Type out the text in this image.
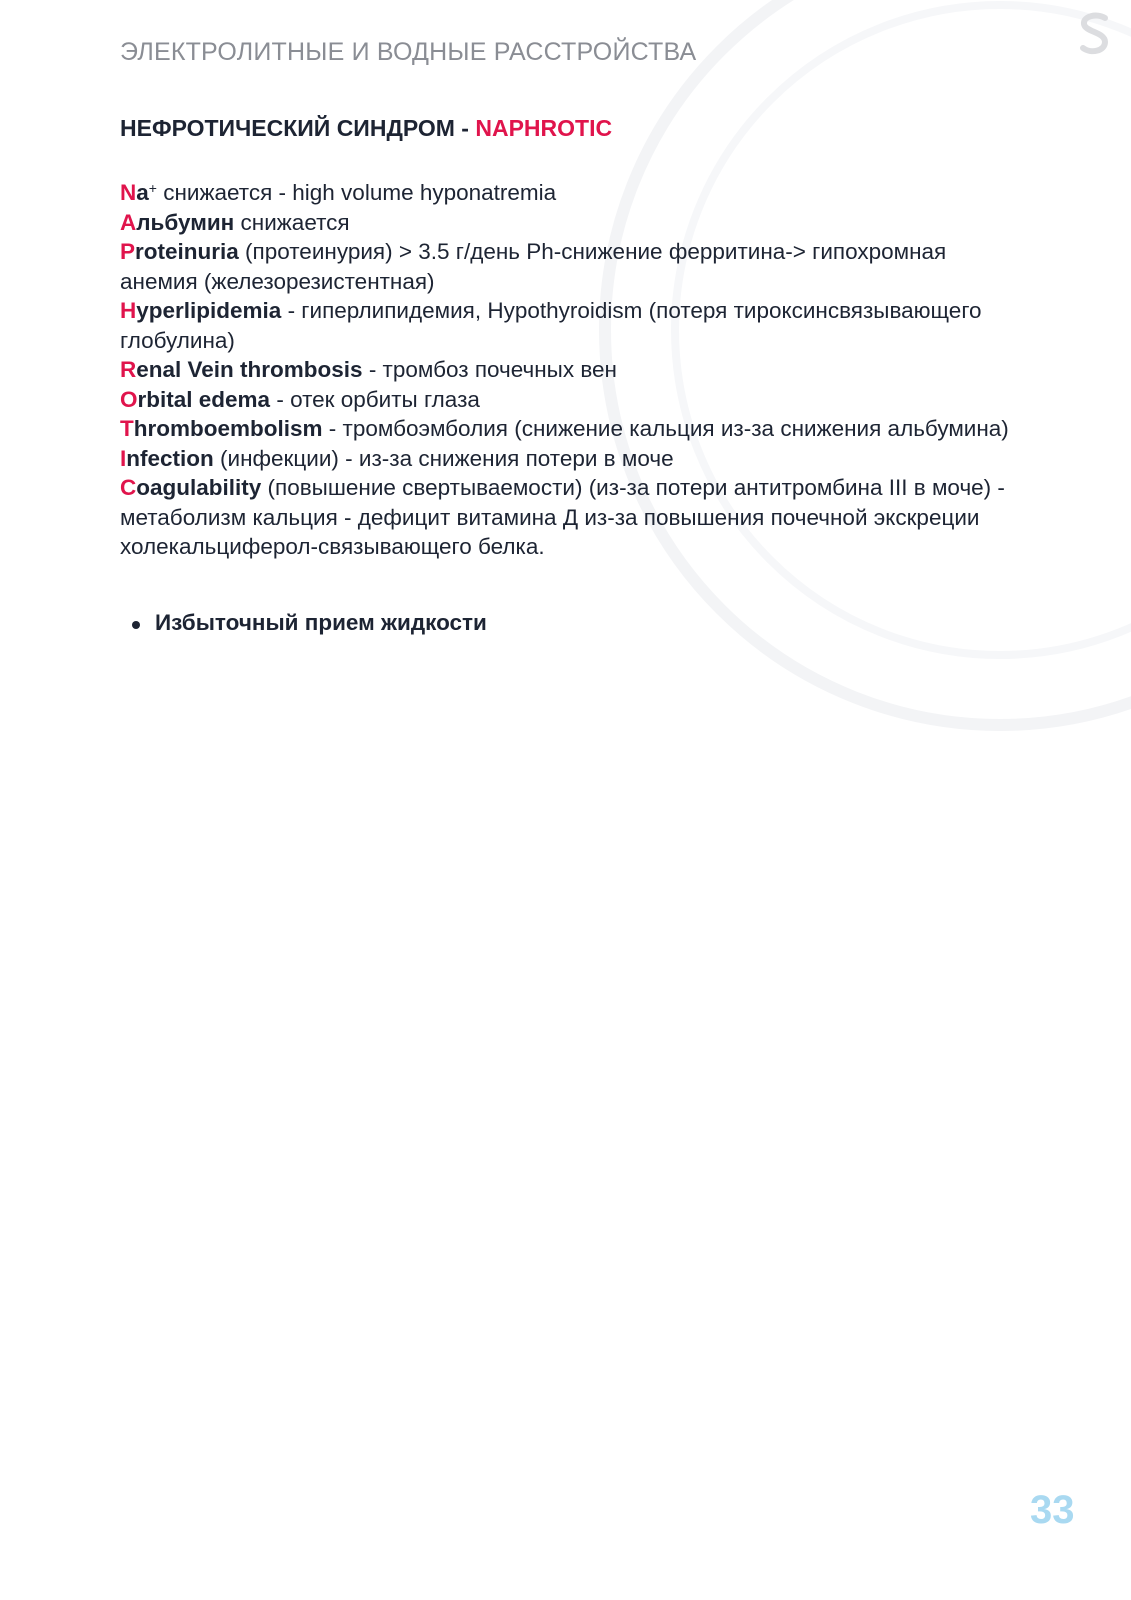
ЭЛЕКТРОЛИТНЫЕ И ВОДНЫЕ РАССТРОЙСТВА
НЕФРОТИЧЕСКИЙ СИНДРОМ - NAPHROTIC

Na+ снижается - high volume hyponatremia

Альбумин снижается

Proteinuria (протеинурия) > 3.5 г/день Ph-снижение ферритина-> гипохромная анемия (железорезистентная)

Hyperlipidemia - гиперлипидемия, Hypothyroidism (потеря тироксинсвязывающего глобулина)

Renal Vein thrombosis - тромбоз почечных вен

Orbital edema - отек орбиты глаза

Thromboembolism - тромбоэмболия (снижение кальция из-за снижения альбумина)

Infection (инфекции) - из-за снижения потери в моче

Coagulability (повышение свертываемости) (из-за потери антитромбина III в моче) - метаболизм кальция - дефицит витамина Д из-за повышения почечной экскреции холекальциферол-связывающего белка.

Избыточный прием жидкости
33
